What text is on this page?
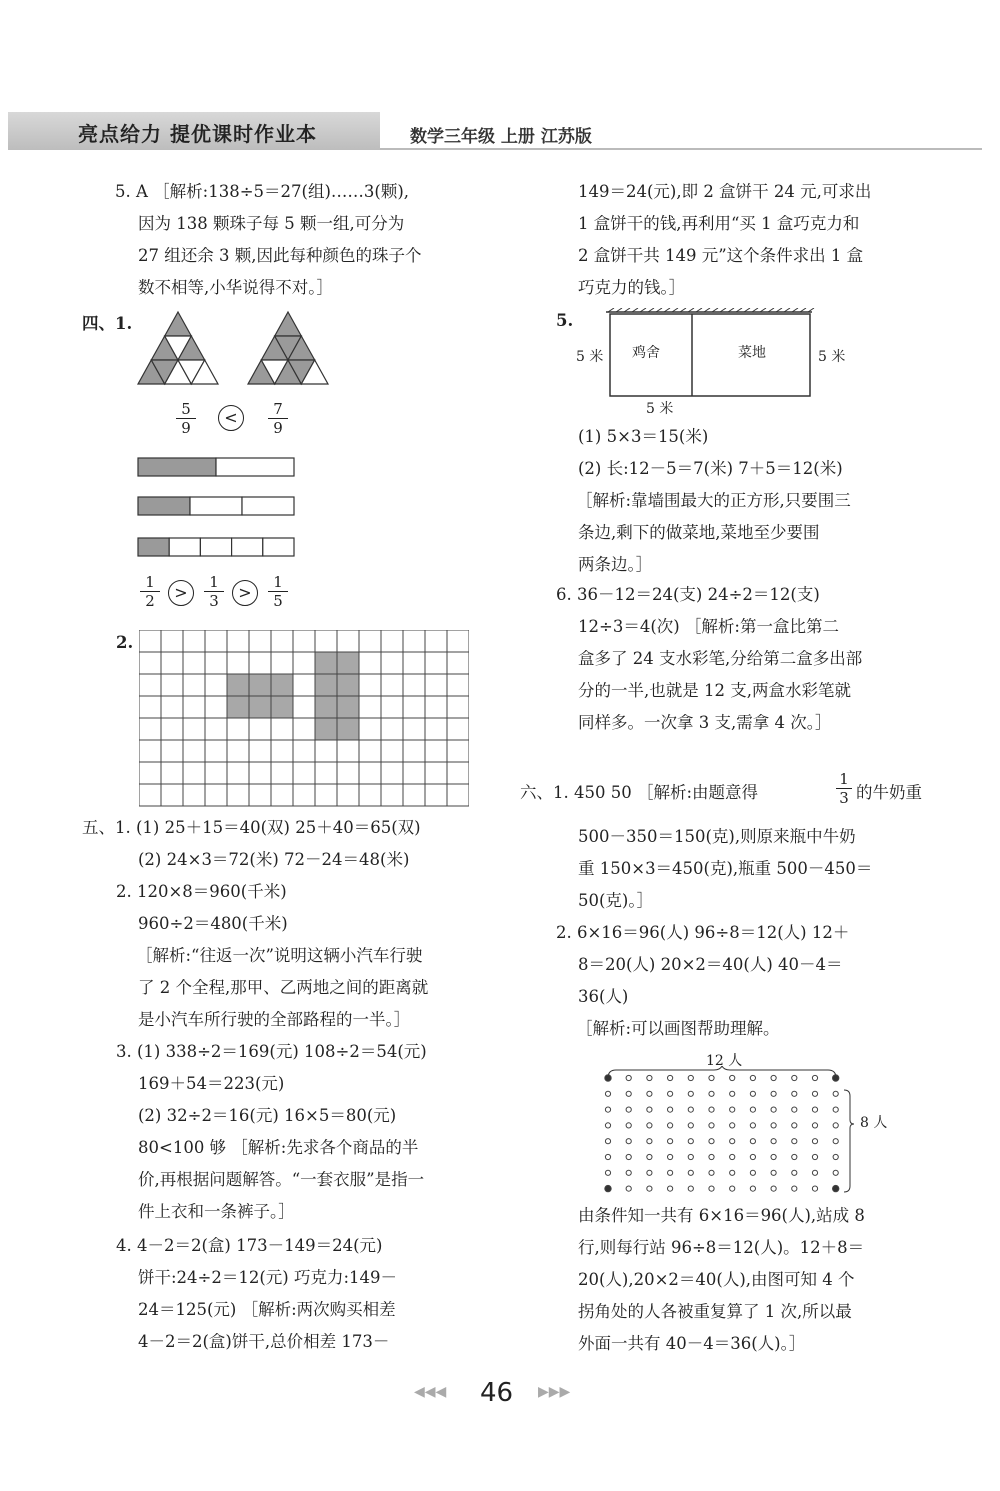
亮点给力 提优课时作业本	数学三年级 上册 江苏版
5. A ［解析:138÷5＝27(组)……3(颗),
因为 138 颗珠子每 5 颗一组,可分为
27 组还余 3 颗,因此每种颜色的珠子个
数不相等,小华说得不对。］
四、1.
$\frac{5}{9}$	<	$\frac{7}{9}$
$\frac{1}{2}$ >	$\frac{1}{3}$ >	$\frac{1}{5}$
2.
五、1. (1) 25＋15＝40(双) 25＋40＝65(双)
(2) 24×3＝72(米) 72－24＝48(米)
2. 120×8＝960(千米)
960÷2＝480(千米)
［解析:“往返一次”说明这辆小汽车行驶
了 2 个全程,那甲、乙两地之间的距离就
是小汽车所行驶的全部路程的一半。］
3. (1) 338÷2＝169(元) 108÷2＝54(元)
169＋54＝223(元)
(2) 32÷2＝16(元) 16×5＝80(元)
80<100 够 ［解析:先求各个商品的半
价,再根据问题解答。“一套衣服”是指一
件上衣和一条裤子。］
4. 4－2＝2(盒) 173－149＝24(元)
饼干:24÷2＝12(元) 巧克力:149－
24＝125(元) ［解析:两次购买相差
4－2＝2(盒)饼干,总价相差 173－
149＝24(元),即 2 盒饼干 24 元,可求出
1 盒饼干的钱,再利用“买 1 盒巧克力和
2 盒饼干共 149 元”这个条件求出 1 盒
巧克力的钱。］
5.
5 米	5 米
鸡舍	菜地
5 米
(1) 5×3＝15(米)
(2) 长:12－5＝7(米) 7＋5＝12(米)
［解析:靠墙围最大的正方形,只要围三
条边,剩下的做菜地,菜地至少要围
两条边。］
6. 36－12＝24(支) 24÷2＝12(支)
12÷3＝4(次) ［解析:第一盒比第二
盒多了 24 支水彩笔,分给第二盒多出部
分的一半,也就是 12 支,两盒水彩笔就
同样多。一次拿 3 支,需拿 4 次。］
六、1. 450 50 ［解析:由题意得	$\frac{1}{3}$ 的牛奶重
500－350＝150(克),则原来瓶中牛奶
重 150×3＝450(克),瓶重 500－450＝
50(克)。］
2. 6×16＝96(人) 96÷8＝12(人) 12＋
8＝20(人) 20×2＝40(人) 40－4＝
36(人)
［解析:可以画图帮助理解。
12 人
8 人
由条件知一共有 6×16＝96(人),站成 8
行,则每行站 96÷8＝12(人)。12＋8＝
20(人),20×2＝40(人),由图可知 4 个
拐角处的人各被重复算了 1 次,所以最
外面一共有 40－4＝36(人)。］
◀◀◀ 46 ▶▶▶
